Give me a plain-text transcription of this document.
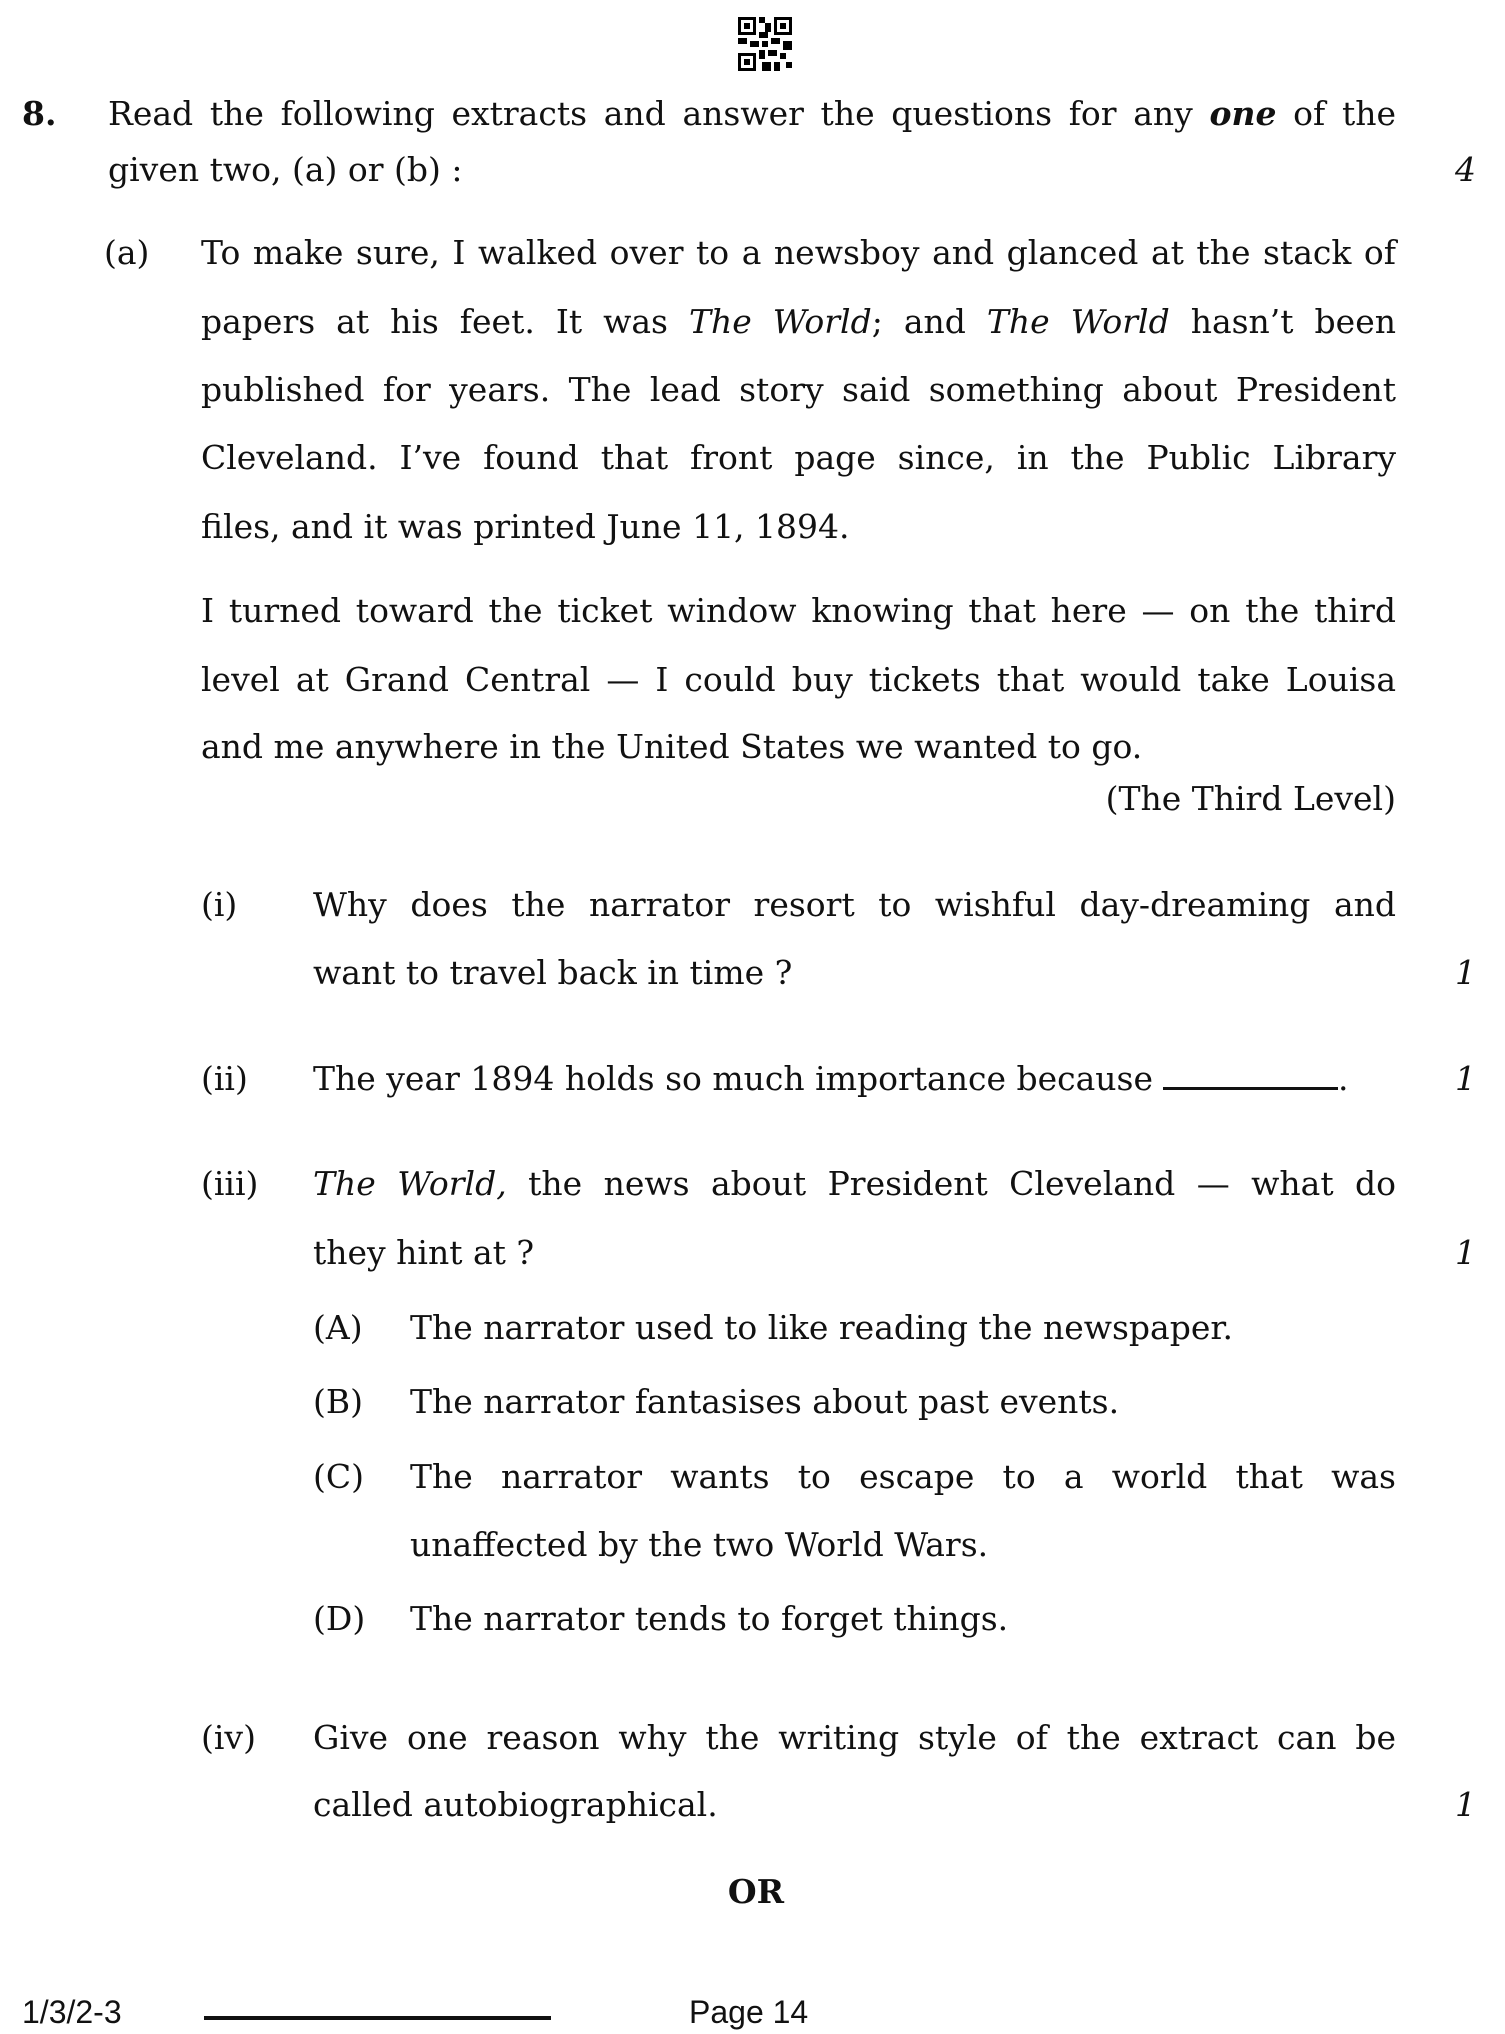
8. Read the following extracts and answer the questions for any one of the
given two, (a) or (b) :	4
(a) To make sure, I walked over to a newsboy and glanced at the stack of
papers at his feet. It was The World; and The World hasn’t been
published for years. The lead story said something about President
Cleveland. I’ve found that front page since, in the Public Library
files, and it was printed June 11, 1894.
I turned toward the ticket window knowing that here — on the third
level at Grand Central — I could buy tickets that would take Louisa
and me anywhere in the United States we wanted to go.
(The Third Level)
(i) Why does the narrator resort to wishful day-dreaming and
want to travel back in time ?	1
(ii) The year 1894 holds so much importance because	.	1
(iii) The World, the news about President Cleveland — what do
they hint at ?	1
(A) The narrator used to like reading the newspaper.
(B) The narrator fantasises about past events.
(C) The narrator wants to escape to a world that was
unaffected by the two World Wars.
(D) The narrator tends to forget things.
(iv) Give one reason why the writing style of the extract can be
called autobiographical.	1
OR
1/3/2-3	Page 14
